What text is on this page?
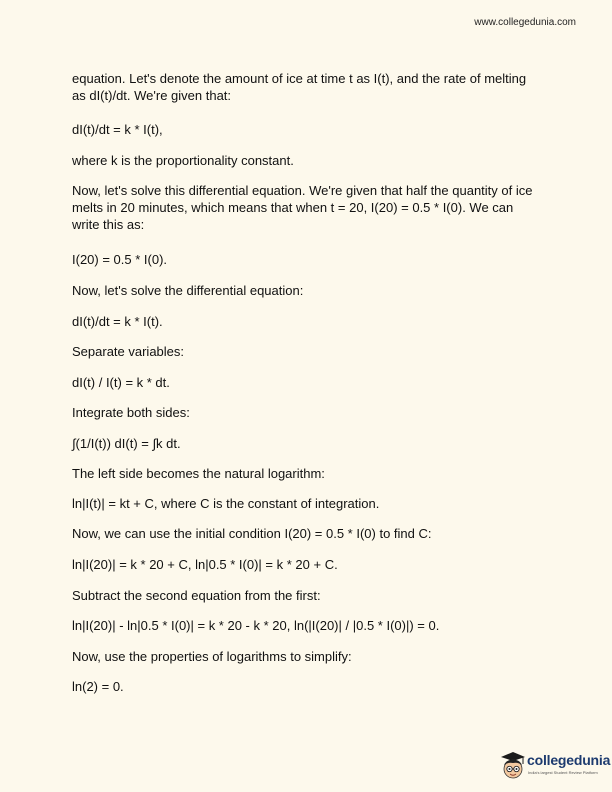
www.collegedunia.com

equation. Let's denote the amount of ice at time t as I(t), and the rate of melting as dI(t)/dt. We're given that:

dI(t)/dt = k * I(t),

where k is the proportionality constant.

Now, let's solve this differential equation. We're given that half the quantity of ice melts in 20 minutes, which means that when t = 20, I(20) = 0.5 * I(0). We can write this as:

I(20) = 0.5 * I(0).

Now, let's solve the differential equation:

dI(t)/dt = k * I(t).

Separate variables:

dI(t) / I(t) = k * dt.

Integrate both sides:

∫(1/I(t)) dI(t) = ∫k dt.

The left side becomes the natural logarithm:

ln|I(t)| = kt + C, where C is the constant of integration.

Now, we can use the initial condition I(20) = 0.5 * I(0) to find C:

ln|I(20)| = k * 20 + C, ln|0.5 * I(0)| = k * 20 + C.

Subtract the second equation from the first:

ln|I(20)| - ln|0.5 * I(0)| = k * 20 - k * 20, ln(|I(20)| / |0.5 * I(0)|) = 0.

Now, use the properties of logarithms to simplify:

ln(2) = 0.

collegedunia
India's largest Student Review Platform
